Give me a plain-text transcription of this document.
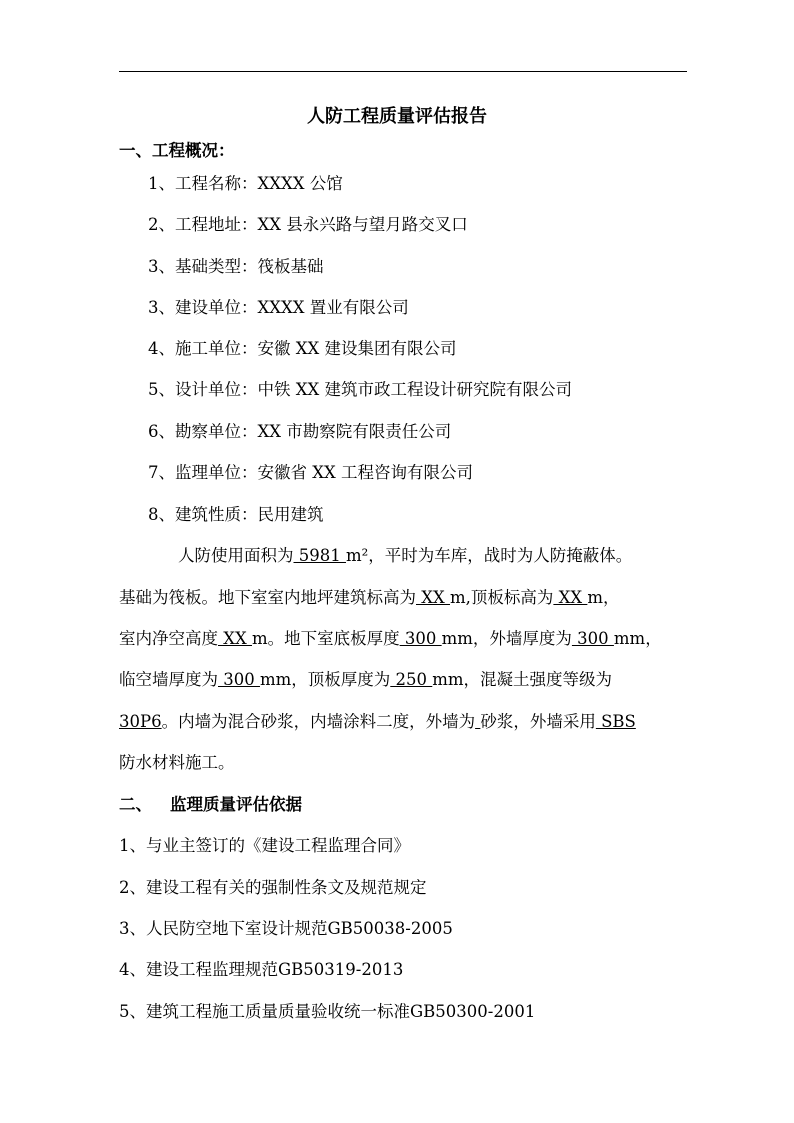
人防工程质量评估报告
一、工程概况：
1、工程名称：XXXX 公馆
2、工程地址：XX 县永兴路与望月路交叉口
3、基础类型：筏板基础
3、建设单位：XXXX 置业有限公司
4、施工单位：安徽 XX 建设集团有限公司
5、设计单位：中铁 XX 建筑市政工程设计研究院有限公司
6、勘察单位：XX 市勘察院有限责任公司
7、监理单位：安徽省 XX 工程咨询有限公司
8、建筑性质：民用建筑
人防使用面积为 5981 m²，平时为车库，战时为人防掩蔽体。
基础为筏板。地下室室内地坪建筑标高为 XX m,顶板标高为 XX m，
室内净空高度 XX m。地下室底板厚度 300 mm，外墙厚度为 300 mm，
临空墙厚度为 300 mm，顶板厚度为 250 mm，混凝土强度等级为
30P6。内墙为混合砂浆，内墙涂料二度，外墙为 砂浆，外墙采用 SBS
防水材料施工。
二、 监理质量评估依据
1、与业主签订的《建设工程监理合同》
2、建设工程有关的强制性条文及规范规定
3、人民防空地下室设计规范GB50038-2005
4、建设工程监理规范GB50319-2013
5、建筑工程施工质量质量验收统一标准GB50300-2001
